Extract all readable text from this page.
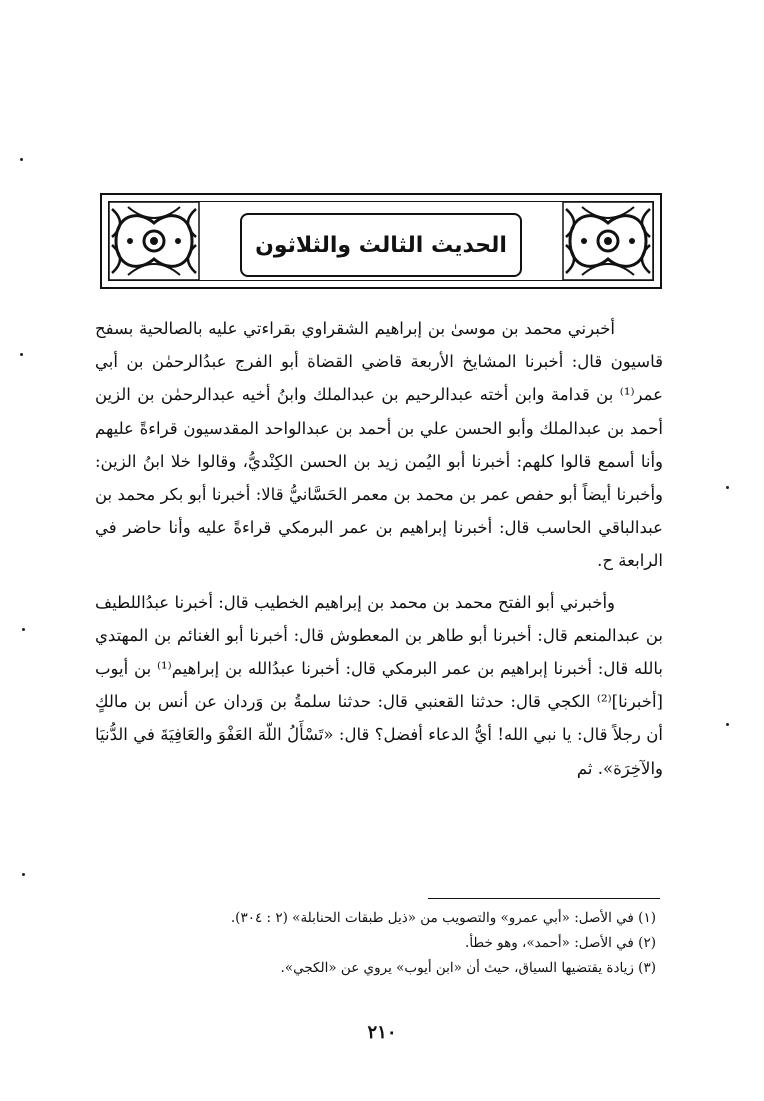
الحديث الثالث والثلاثون

أخبرني محمد بن موسىٰ بن إبراهيم الشقراوي بقراءتي عليه بالصالحية بسفح قاسيون قال: أخبرنا المشايخ الأربعة قاضي القضاة أبو الفرج عبدُالرحمٰن بن أبي عمر⁽¹⁾ بن قدامة وابن أخته عبدالرحيم بن عبدالملك وابنُ أخيه عبدالرحمٰن بن الزين أحمد بن عبدالملك وأبو الحسن علي بن أحمد بن عبدالواحد المقدسيون قراءةً عليهم وأنا أسمع قالوا كلهم: أخبرنا أبو اليُمن زيد بن الحسن الكِنْديُّ، وقالوا خلا ابنُ الزين: وأخبرنا أيضاً أبو حفص عمر بن محمد بن معمر الحَسَّانيُّ قالا: أخبرنا أبو بكر محمد بن عبدالباقي الحاسب قال: أخبرنا إبراهيم بن عمر البرمكي قراءةً عليه وأنا حاضر في الرابعة ح.

وأخبرني أبو الفتح محمد بن محمد بن إبراهيم الخطيب قال: أخبرنا عبدُاللطيف بن عبدالمنعم قال: أخبرنا أبو طاهر بن المعطوش قال: أخبرنا أبو الغنائم بن المهتدي بالله قال: أخبرنا إبراهيم بن عمر البرمكي قال: أخبرنا عبدُالله بن إبراهيم⁽¹⁾ بن أيوب [أخبرنا]⁽²⁾ الكجي قال: حدثنا القعنبي قال: حدثنا سلمةُ بن وَردان عن أنس بن مالكٍ أن رجلاً قال: يا نبي الله! أيُّ الدعاء أفضل؟ قال: «تَسْأَلُ اللّهَ العَفْوَ والعَافِيَةَ في الدُّنيَا والآخِرَة». ثم

(١) في الأصل: «أبي عمرو» والتصويب من «ذيل طبقات الحنابلة» (٢ : ٣٠٤).
(٢) في الأصل: «أحمد»، وهو خطأ.
(٣) زيادة يقتضيها السياق، حيث أن «ابن أيوب» يروي عن «الكجي».
٢١٠
